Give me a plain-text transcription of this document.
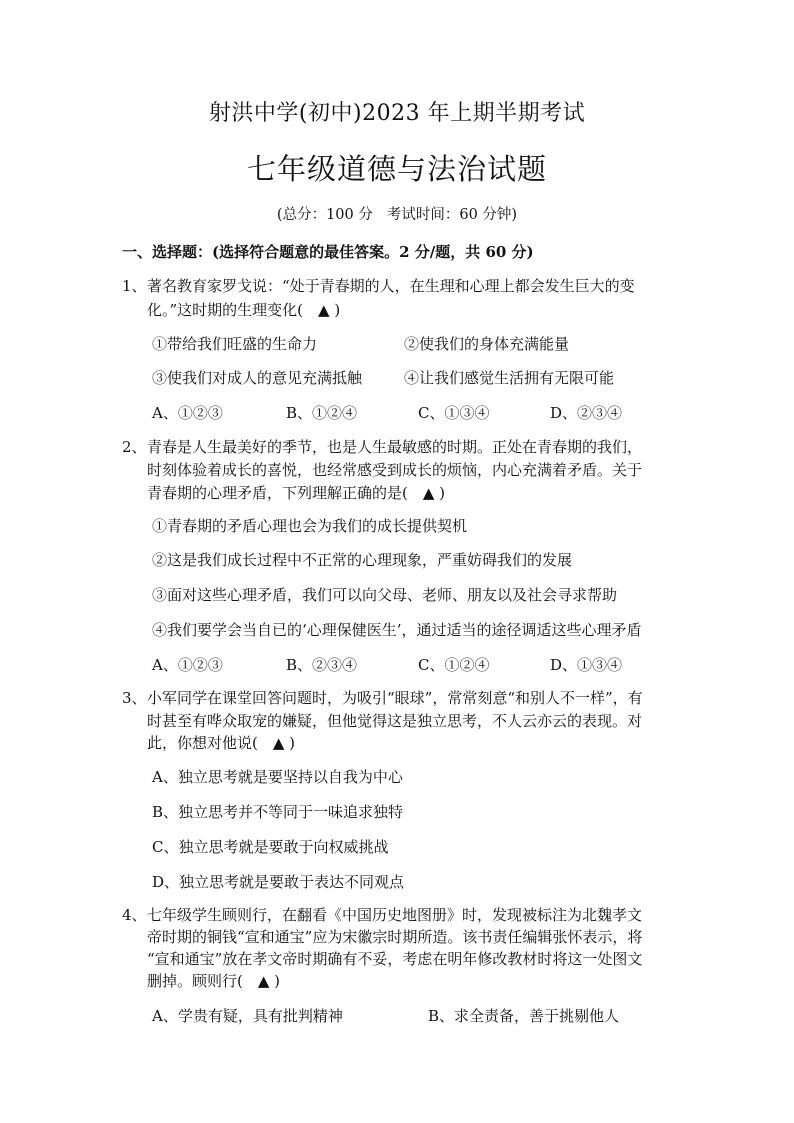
射洪中学(初中)2023 年上期半期考试
七年级道德与法治试题
(总分：100 分 考试时间：60 分钟)
一、选择题：(选择符合题意的最佳答案。2 分/题，共 60 分)
1、 著名教育家罗戈说：“处于青春期的人，在生理和心理上都会发生巨大的变
化。”这时期的生理变化(　▲ )
①带给我们旺盛的生命力	②使我们的身体充满能量
③使我们对成人的意见充满抵触	④让我们感觉生活拥有无限可能
A、①②③	B、①②④	C、①③④	D、②③④
2、 青春是人生最美好的季节，也是人生最敏感的时期。正处在青春期的我们，
时刻体验着成长的喜悦，也经常感受到成长的烦恼，内心充满着矛盾。关于
青春期的心理矛盾，下列理解正确的是(　▲ )
①青春期的矛盾心理也会为我们的成长提供契机
②这是我们成长过程中不正常的心理现象，严重妨碍我们的发展
③面对这些心理矛盾，我们可以向父母、老师、朋友以及社会寻求帮助
④我们要学会当自已的‘心理保健医生’，通过适当的途径调适这些心理矛盾
A、①②③	B、②③④	C、①②④	D、①③④
3、 小军同学在课堂回答问题时，为吸引“眼球”，常常刻意“和别人不一样”，有
时甚至有哗众取宠的嫌疑，但他觉得这是独立思考，不人云亦云的表现。对
此，你想对他说(　▲ )
A、独立思考就是要坚持以自我为中心
B、独立思考并不等同于一味追求独特
C、独立思考就是要敢于向权威挑战
D、独立思考就是要敢于表达不同观点
4、 七年级学生顾则行，在翻看《中国历史地图册》时，发现被标注为北魏孝文
帝时期的铜钱“宣和通宝”应为宋徽宗时期所造。该书责任编辑张怀表示，将
“宣和通宝”放在孝文帝时期确有不妥，考虑在明年修改教材时将这一处图文
删掉。顾则行(　▲ )
A、学贵有疑，具有批判精神	B、求全责备，善于挑剔他人
